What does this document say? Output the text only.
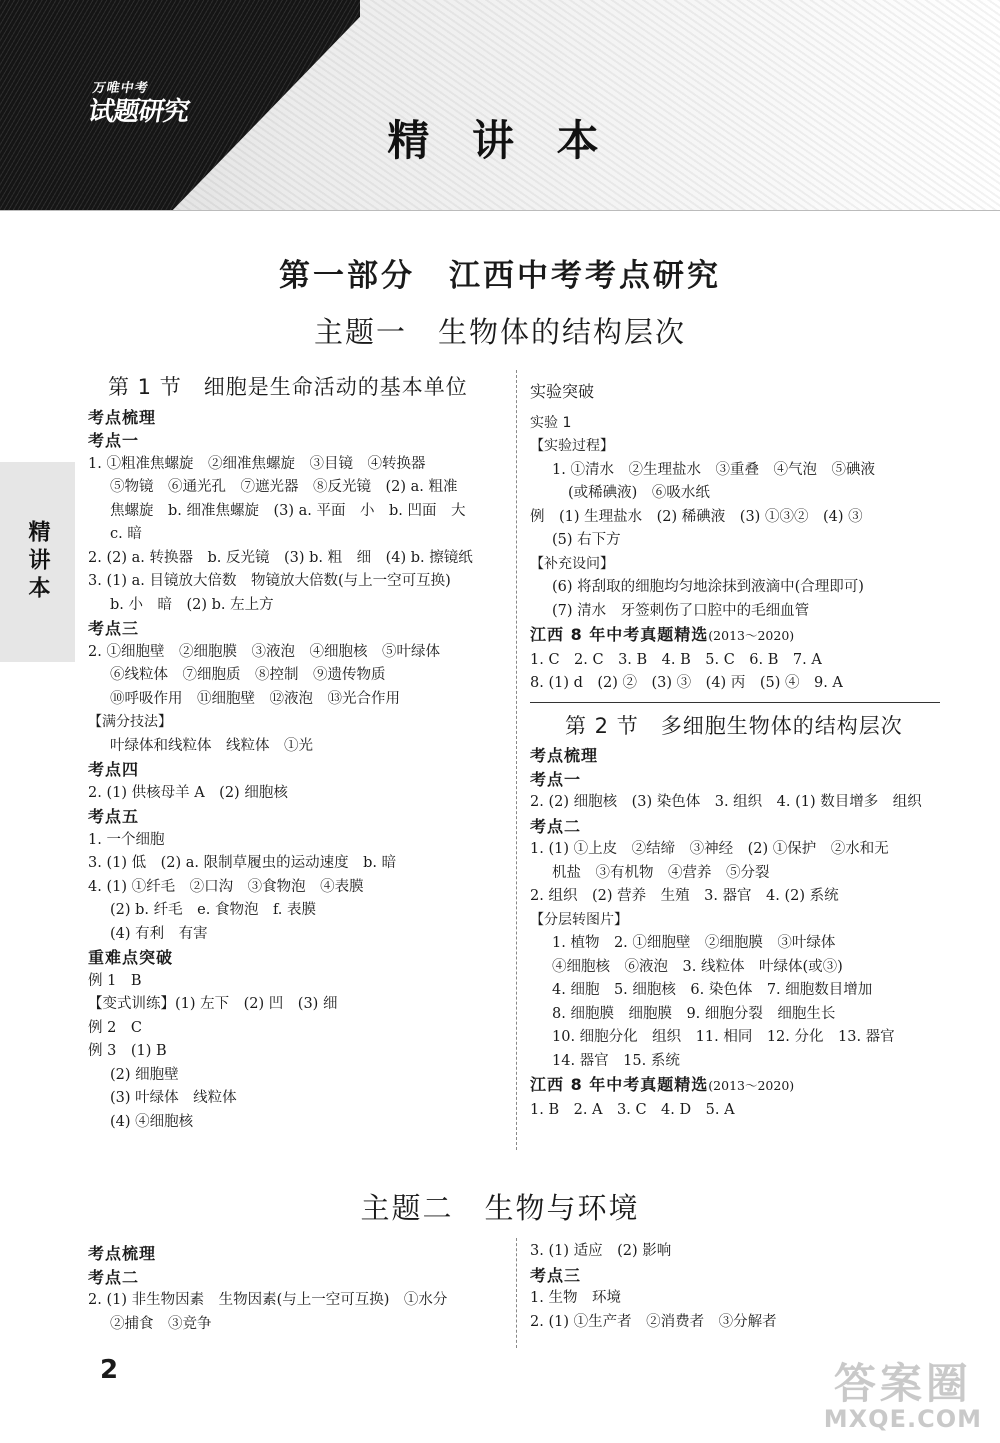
万唯中考
试题研究
精 讲 本
精讲本
第一部分　江西中考考点研究
主题一　生物体的结构层次
第 1 节　细胞是生命活动的基本单位
考点梳理
考点一
1. ①粗准焦螺旋　②细准焦螺旋　③目镜　④转换器
⑤物镜　⑥通光孔　⑦遮光器　⑧反光镜　(2) a. 粗准
焦螺旋　b. 细准焦螺旋　(3) a. 平面　小　b. 凹面　大
c. 暗
2. (2) a. 转换器　b. 反光镜　(3) b. 粗　细　(4) b. 擦镜纸
3. (1) a. 目镜放大倍数　物镜放大倍数(与上一空可互换)
b. 小　暗　(2) b. 左上方
考点三
2. ①细胞壁　②细胞膜　③液泡　④细胞核　⑤叶绿体
⑥线粒体　⑦细胞质　⑧控制　⑨遗传物质
⑩呼吸作用　⑪细胞壁　⑫液泡　⑬光合作用
【满分技法】
叶绿体和线粒体　线粒体　①光
考点四
2. (1) 供核母羊 A　(2) 细胞核
考点五
1. 一个细胞
3. (1) 低　(2) a. 限制草履虫的运动速度　b. 暗
4. (1) ①纤毛　②口沟　③食物泡　④表膜
(2) b. 纤毛　e. 食物泡　f. 表膜
(4) 有利　有害
重难点突破
例 1　B
【变式训练】(1) 左下　(2) 凹　(3) 细
例 2　C
例 3　(1) B
(2) 细胞壁
(3) 叶绿体　线粒体
(4) ④细胞核
实验突破
实验 1
【实验过程】
1. ①清水　②生理盐水　③重叠　④气泡　⑤碘液
(或稀碘液)　⑥吸水纸
例　(1) 生理盐水　(2) 稀碘液　(3) ①③②　(4) ③
(5) 右下方
【补充设问】
(6) 将刮取的细胞均匀地涂抹到液滴中(合理即可)
(7) 清水　牙签刺伤了口腔中的毛细血管
江西 8 年中考真题精选(2013～2020)
1. C　2. C　3. B　4. B　5. C　6. B　7. A
8. (1) d　(2) ②　(3) ③　(4) 丙　(5) ④　9. A
第 2 节　多细胞生物体的结构层次
考点梳理
考点一
2. (2) 细胞核　(3) 染色体　3. 组织　4. (1) 数目增多　组织
考点二
1. (1) ①上皮　②结缔　③神经　(2) ①保护　②水和无
机盐　③有机物　④营养　⑤分裂
2. 组织　(2) 营养　生殖　3. 器官　4. (2) 系统
【分层转图片】
1. 植物　2. ①细胞壁　②细胞膜　③叶绿体
④细胞核　⑥液泡　3. 线粒体　叶绿体(或③)
4. 细胞　5. 细胞核　6. 染色体　7. 细胞数目增加
8. 细胞膜　细胞膜　9. 细胞分裂　细胞生长
10. 细胞分化　组织　11. 相同　12. 分化　13. 器官
14. 器官　15. 系统
江西 8 年中考真题精选(2013～2020)
1. B　2. A　3. C　4. D　5. A
主题二　生物与环境
考点梳理
考点二
2. (1) 非生物因素　生物因素(与上一空可互换)　①水分
②捕食　③竞争
3. (1) 适应　(2) 影响
考点三
1. 生物　环境
2. (1) ①生产者　②消费者　③分解者
2	答案圈
MXQE.COM
